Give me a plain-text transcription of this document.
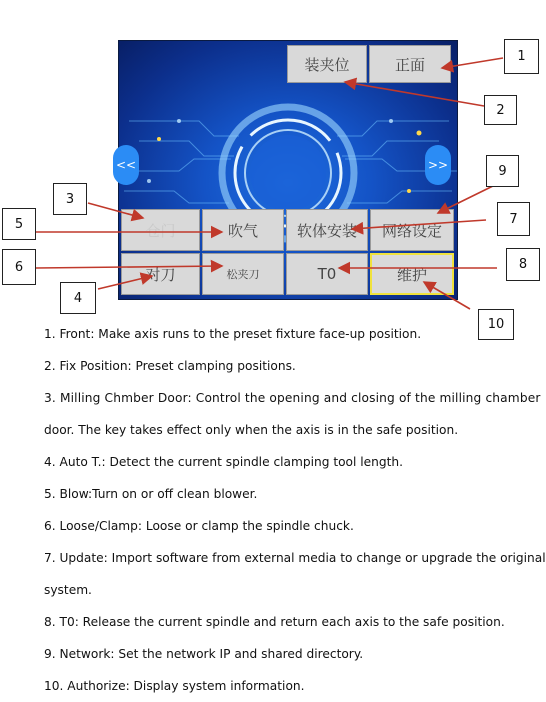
装夹位	正面
<<	>>
仓门	吹气	软体安装	网络设定
对刀	松夹刀	T0	维护
1
2
3
4
5
6
7
8
9
10
1. Front: Make axis runs to the preset fixture face-up position.
2. Fix Position: Preset clamping positions.
3. Milling Chmber Door: Control the opening and closing of the milling chamber
door. The key takes effect only when the axis is in the safe position.
4. Auto T.: Detect the current spindle clamping tool length.
5. Blow:Turn on or off clean blower.
6. Loose/Clamp: Loose or clamp the spindle chuck.
7. Update: Import software from external media to change or upgrade the original
system.
8. T0: Release the current spindle and return each axis to the safe position.
9. Network: Set the network IP and shared directory.
10. Authorize: Display system information.
